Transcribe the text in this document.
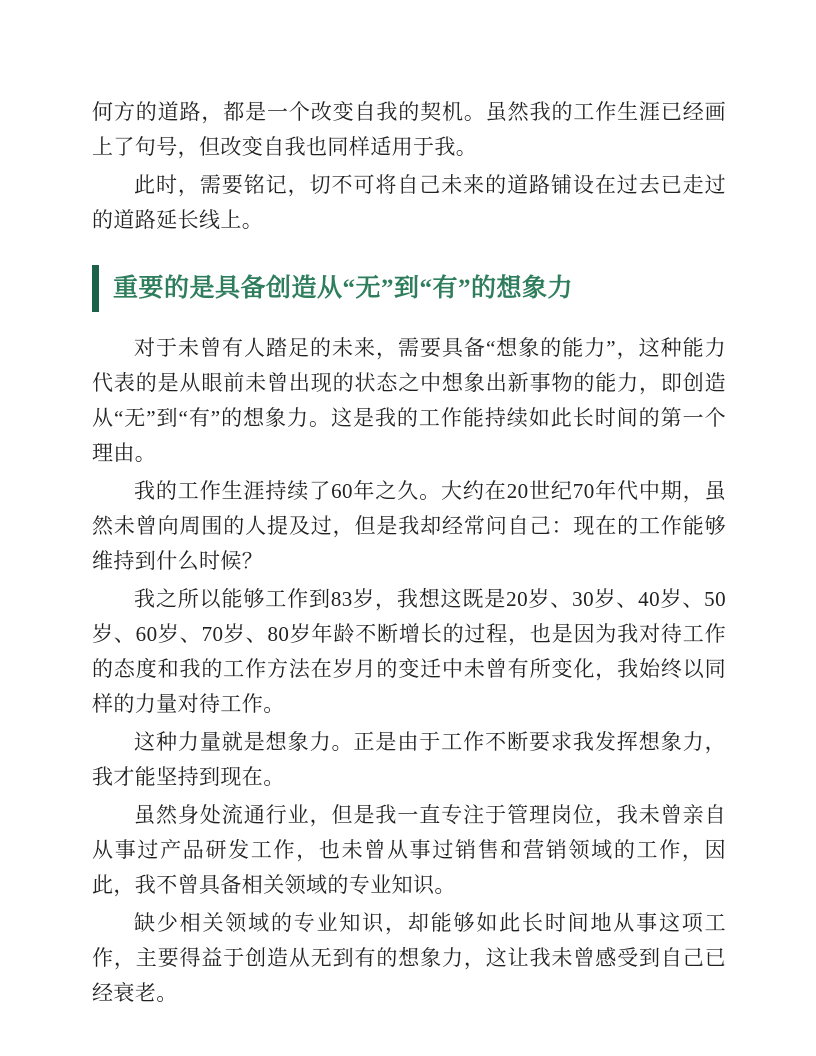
何方的道路，都是一个改变自我的契机。虽然我的工作生涯已经画上了句号，但改变自我也同样适用于我。

此时，需要铭记，切不可将自己未来的道路铺设在过去已走过的道路延长线上。

重要的是具备创造从“无”到“有”的想象力

对于未曾有人踏足的未来，需要具备“想象的能力”，这种能力代表的是从眼前未曾出现的状态之中想象出新事物的能力，即创造从“无”到“有”的想象力。这是我的工作能持续如此长时间的第一个理由。

我的工作生涯持续了60年之久。大约在20世纪70年代中期，虽然未曾向周围的人提及过，但是我却经常问自己：现在的工作能够维持到什么时候？

我之所以能够工作到83岁，我想这既是20岁、30岁、40岁、50岁、60岁、70岁、80岁年龄不断增长的过程，也是因为我对待工作的态度和我的工作方法在岁月的变迁中未曾有所变化，我始终以同样的力量对待工作。

这种力量就是想象力。正是由于工作不断要求我发挥想象力，我才能坚持到现在。

虽然身处流通行业，但是我一直专注于管理岗位，我未曾亲自从事过产品研发工作，也未曾从事过销售和营销领域的工作，因此，我不曾具备相关领域的专业知识。

缺少相关领域的专业知识，却能够如此长时间地从事这项工作，主要得益于创造从无到有的想象力，这让我未曾感受到自己已经衰老。
